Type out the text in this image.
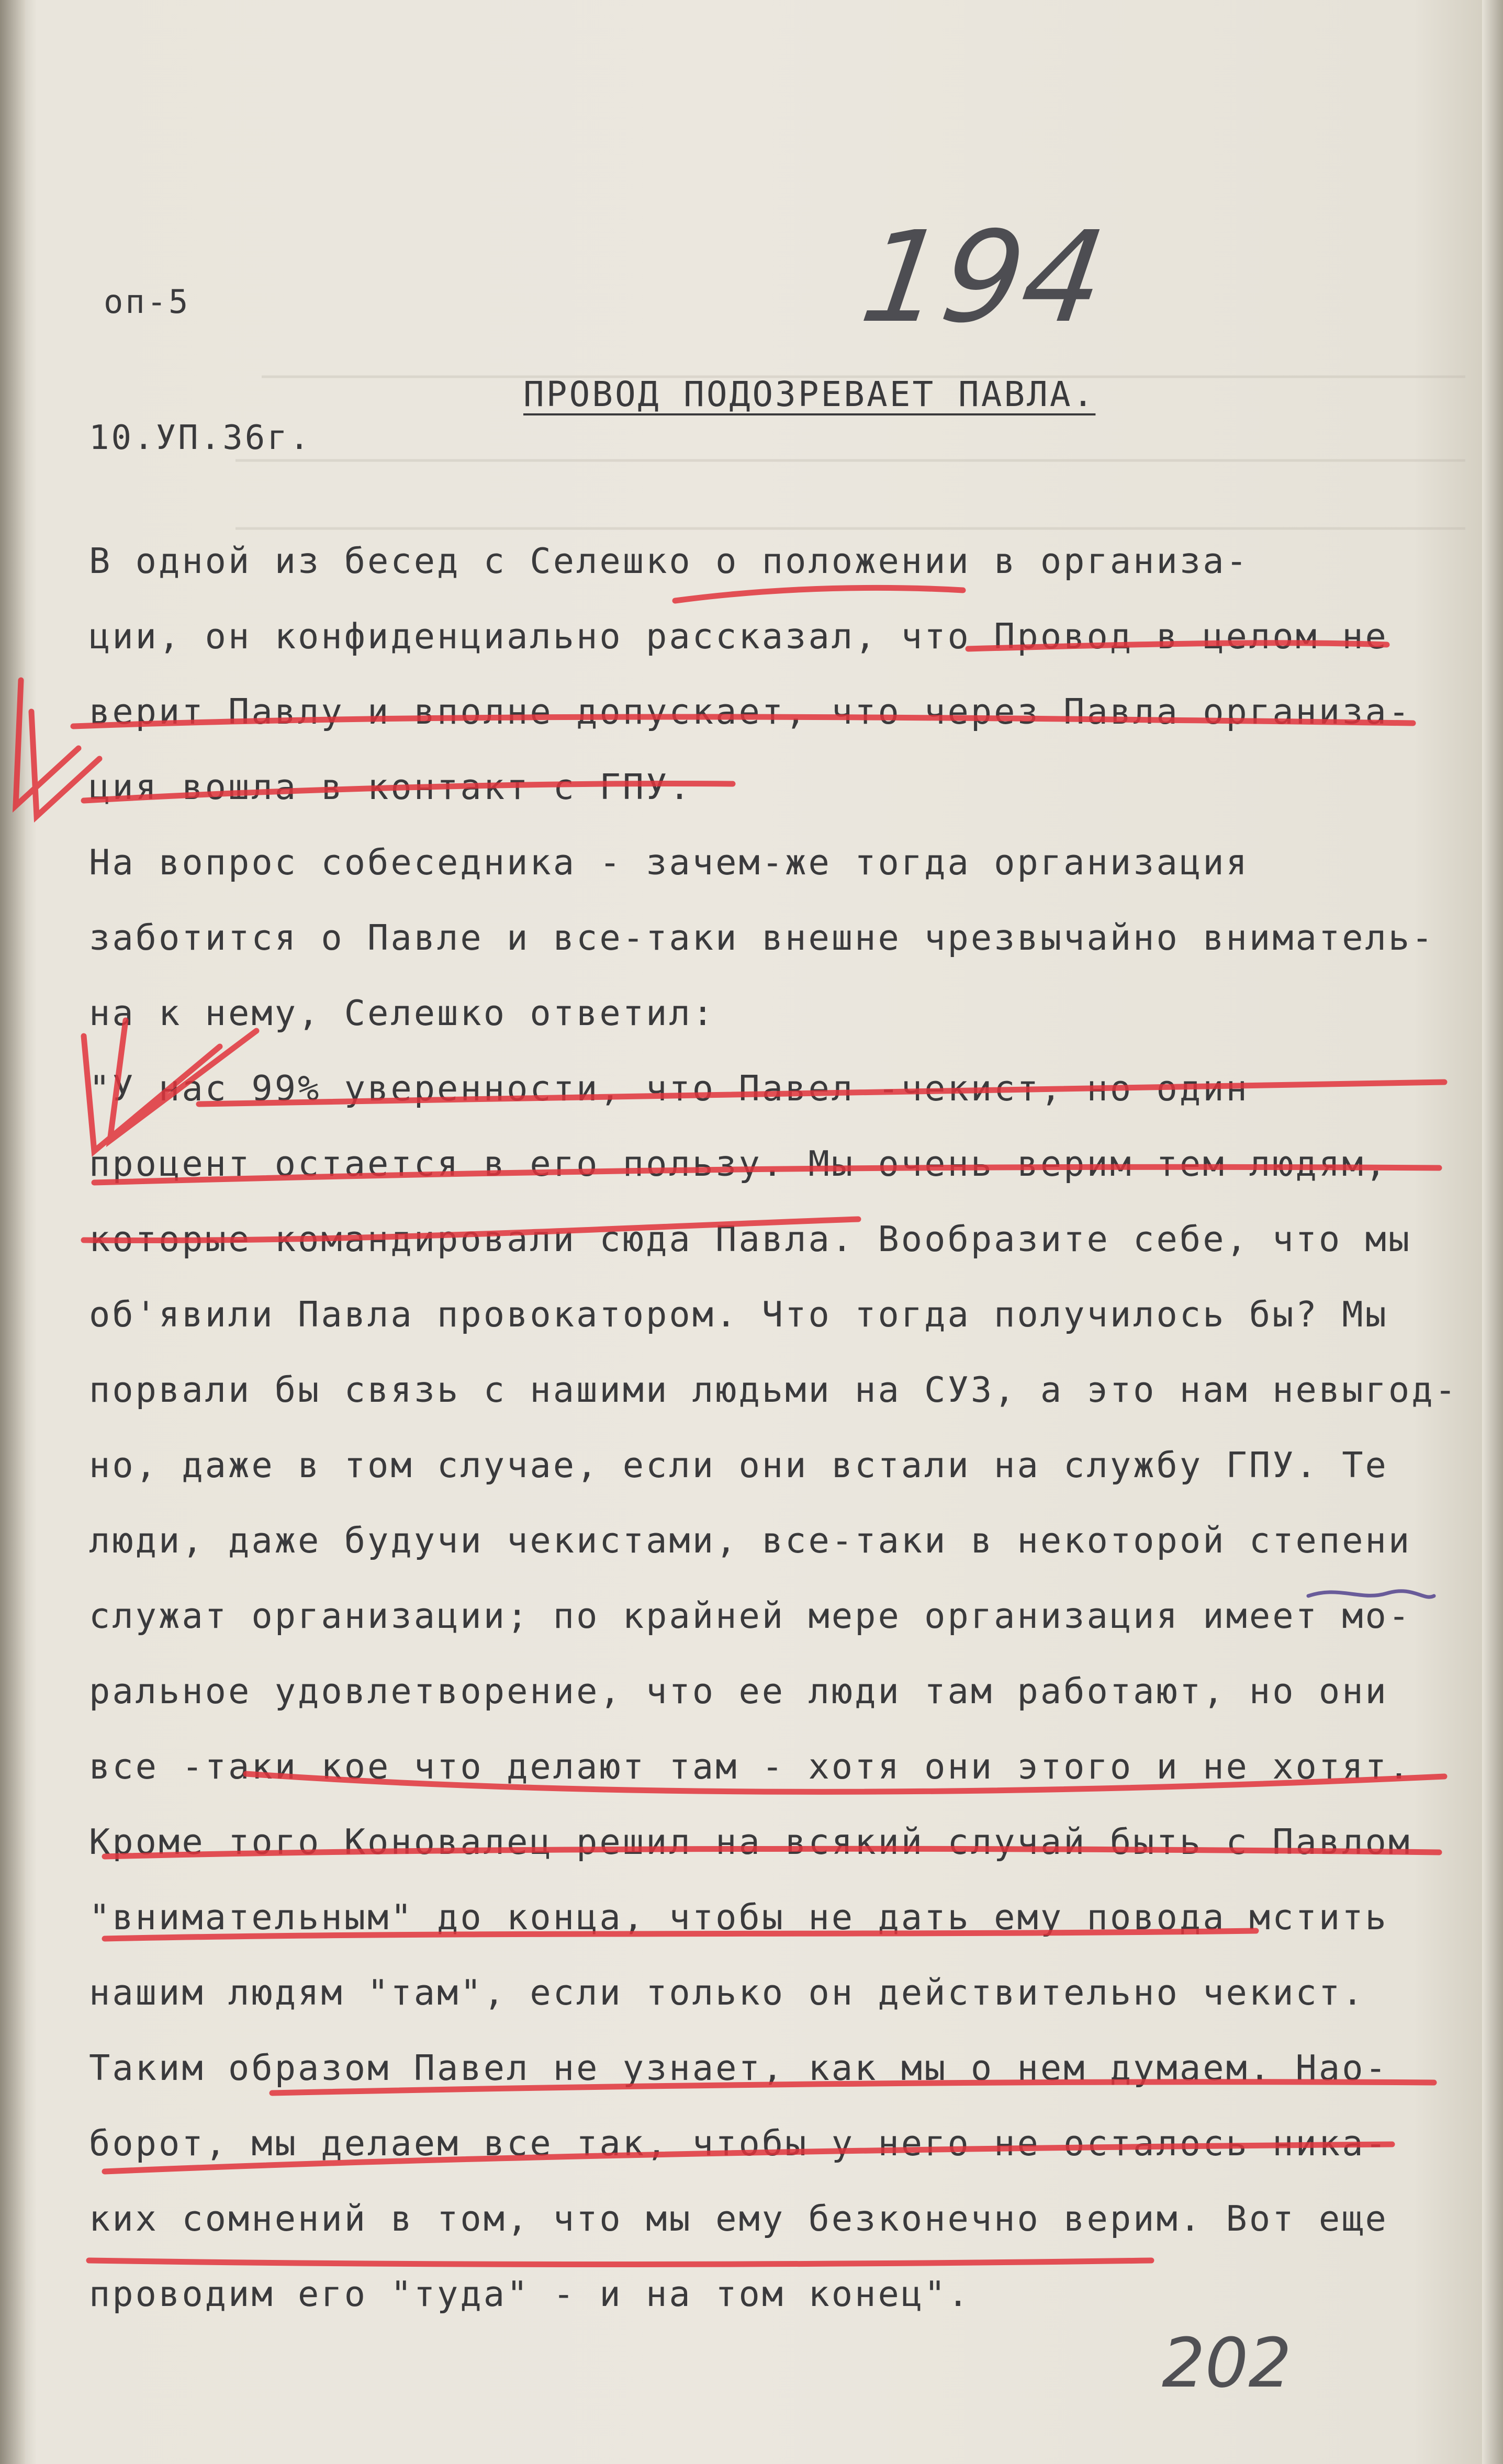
оп-5
10.УП.36г.
ПРОВОД ПОДОЗРЕВАЕТ ПАВЛА.
194
202
В одной из бесед с Селешко о положении в организа-
ции, он конфиденциально рассказал, что Провод в целом не
верит Павлу и вполне допускает, что через Павла организа-
ция вошла в контакт с ГПУ.
На вопрос собеседника - зачем-же тогда организация
заботится о Павле и все-таки внешне чрезвычайно вниматель-
на к нему, Селешко ответил:
"У нас 99% уверенности, что Павел -чекист, но один
процент остается в его пользу. Мы очень верим тем людям,
которые командировали сюда Павла. Вообразите себе, что мы
об'явили Павла провокатором. Что тогда получилось бы? Мы
порвали бы связь с нашими людьми на СУЗ, а это нам невыгод-
но, даже в том случае, если они встали на службу ГПУ. Те
люди, даже будучи чекистами, все-таки в некоторой степени
служат организации; по крайней мере организация имеет мо-
ральное удовлетворение, что ее люди там работают, но они
все -таки кое что делают там - хотя они этого и не хотят.
Кроме того Коновалец решил на всякий случай быть с Павлом
"внимательным" до конца, чтобы не дать ему повода мстить
нашим людям "там", если только он действительно чекист.
Таким образом Павел не узнает, как мы о нем думаем. Нао-
борот, мы делаем все так, чтобы у него не осталось ника-
ких сомнений в том, что мы ему безконечно верим. Вот еще
проводим его "туда" - и на том конец".
